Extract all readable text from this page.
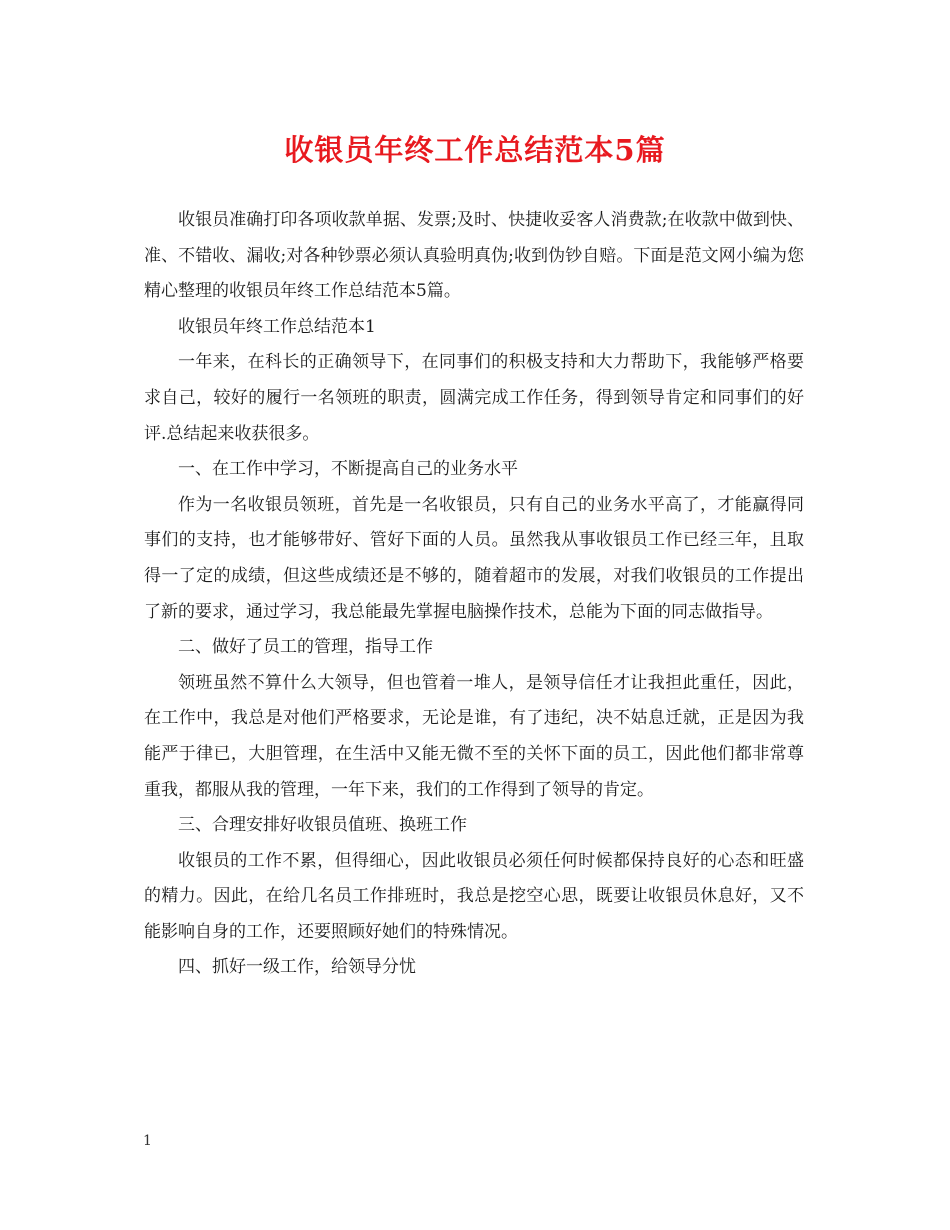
收银员年终工作总结范本5篇

收银员准确打印各项收款单据、发票;及时、快捷收妥客人消费款;在收款中做到快、准、不错收、漏收;对各种钞票必须认真验明真伪;收到伪钞自赔。下面是范文网小编为您精心整理的收银员年终工作总结范本5篇。

收银员年终工作总结范本1

一年来，在科长的正确领导下，在同事们的积极支持和大力帮助下，我能够严格要求自己，较好的履行一名领班的职责，圆满完成工作任务，得到领导肯定和同事们的好评.总结起来收获很多。

一、在工作中学习，不断提高自己的业务水平

作为一名收银员领班，首先是一名收银员，只有自己的业务水平高了，才能赢得同事们的支持，也才能够带好、管好下面的人员。虽然我从事收银员工作已经三年，且取得一了定的成绩，但这些成绩还是不够的，随着超市的发展，对我们收银员的工作提出了新的要求，通过学习，我总能最先掌握电脑操作技术，总能为下面的同志做指导。

二、做好了员工的管理，指导工作

领班虽然不算什么大领导，但也管着一堆人，是领导信任才让我担此重任，因此，在工作中，我总是对他们严格要求，无论是谁，有了违纪，决不姑息迁就，正是因为我能严于律已，大胆管理，在生活中又能无微不至的关怀下面的员工，因此他们都非常尊重我，都服从我的管理，一年下来，我们的工作得到了领导的肯定。

三、合理安排好收银员值班、换班工作

收银员的工作不累，但得细心，因此收银员必须任何时候都保持良好的心态和旺盛的精力。因此，在给几名员工作排班时，我总是挖空心思，既要让收银员休息好，又不能影响自身的工作，还要照顾好她们的特殊情况。

四、抓好一级工作，给领导分忧

1
